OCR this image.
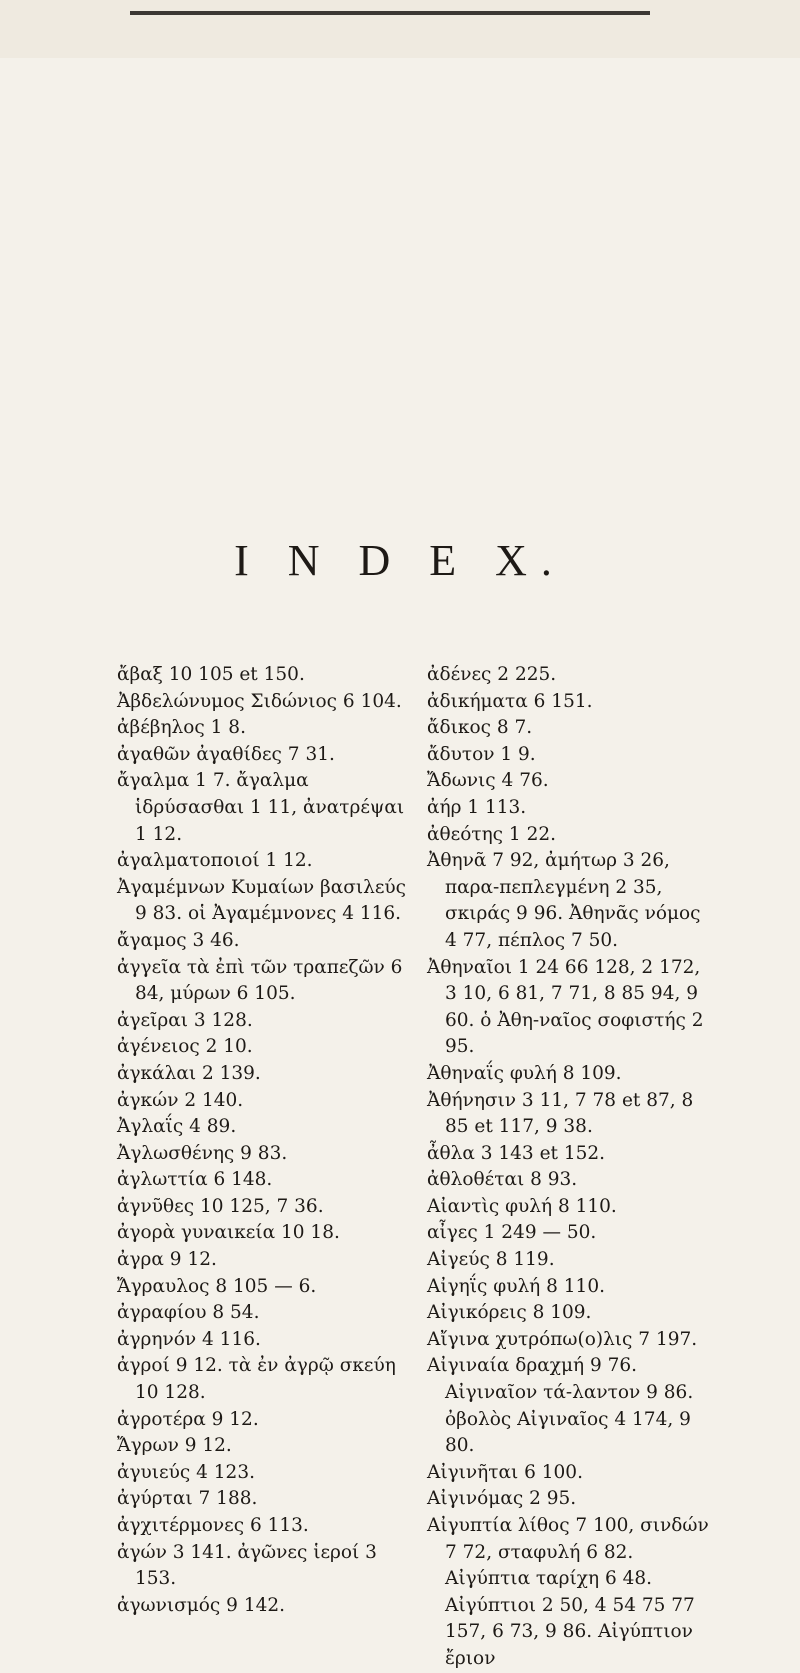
I N D E X.
ἄβαξ 10 105 et 150.
Ἀβδελώνυμος Σιδώνιος 6 104.
ἀβέβηλος 1 8.
ἀγαθῶν ἀγαθίδες 7 31.
ἄγαλμα 1 7. ἄγαλμα ἱδρύσασθαι 1 11, ἀνατρέψαι 1 12.
ἀγαλματοποιοί 1 12.
Ἀγαμέμνων Κυμαίων βασιλεύς 9 83. οἱ Ἀγαμέμνονες 4 116.
ἄγαμος 3 46.
ἀγγεῖα τὰ ἐπὶ τῶν τραπεζῶν 6 84, μύρων 6 105.
ἀγεῖραι 3 128.
ἀγένειος 2 10.
ἀγκάλαι 2 139.
ἀγκών 2 140.
Ἀγλαΐς 4 89.
Ἀγλωσθένης 9 83.
ἀγλωττία 6 148.
ἀγνῦθες 10 125, 7 36.
ἀγορὰ γυναικεία 10 18.
ἀγρα 9 12.
Ἄγραυλος 8 105 — 6.
ἀγραφίου 8 54.
ἀγρηνόν 4 116.
ἀγροί 9 12. τὰ ἐν ἀγρῷ σκεύη 10 128.
ἀγροτέρα 9 12.
Ἄγρων 9 12.
ἀγυιεύς 4 123.
ἀγύρται 7 188.
ἀγχιτέρμονες 6 113.
ἀγών 3 141. ἀγῶνες ἱεροί 3 153.
ἀγωνισμός 9 142.
ἀδένες 2 225.
ἀδικήματα 6 151.
ἄδικος 8 7.
ἄδυτον 1 9.
Ἄδωνις 4 76.
ἀήρ 1 113.
ἀθεότης 1 22.
Ἀθηνᾶ 7 92, ἀμήτωρ 3 26, παρα-πεπλεγμένη 2 35, σκιράς 9 96. Ἀθηνᾶς νόμος 4 77, πέπλος 7 50.
Ἀθηναῖοι 1 24 66 128, 2 172, 3 10, 6 81, 7 71, 8 85 94, 9 60. ὁ Ἀθη-ναῖος σοφιστής 2 95.
Ἀθηναΐς φυλή 8 109.
Ἀθήνησιν 3 11, 7 78 et 87, 8 85 et 117, 9 38.
ἆθλα 3 143 et 152.
ἀθλοθέται 8 93.
Αἰαντὶς φυλή 8 110.
αἶγες 1 249 — 50.
Αἰγεύς 8 119.
Αἰγηΐς φυλή 8 110.
Αἰγικόρεις 8 109.
Αἴγινα χυτρόπω(ο)λις 7 197.
Αἰγιναία δραχμή 9 76. Αἰγιναῖον τά-λαντον 9 86. ὀβολὸς Αἰγιναῖος 4 174, 9 80.
Αἰγινῆται 6 100.
Αἰγινόμας 2 95.
Αἰγυπτία λίθος 7 100, σινδών 7 72, σταφυλή 6 82. Αἰγύπτια ταρίχη 6 48. Αἰγύπτιοι 2 50, 4 54 75 77 157, 6 73, 9 86. Αἰγύπτιον ἔριον
